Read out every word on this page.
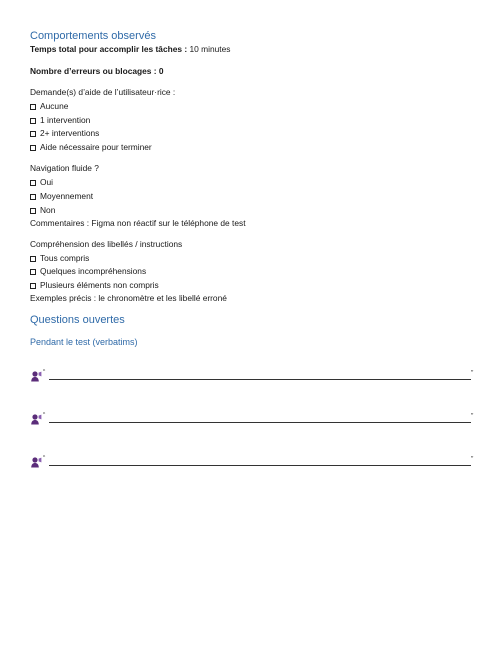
Comportements observés
Temps total pour accomplir les tâches : 10 minutes
Nombre d’erreurs ou blocages : 0
Demande(s) d’aide de l’utilisateur·rice :
Aucune
1 intervention
2+ interventions
Aide nécessaire pour terminer
Navigation fluide ?
Oui
Moyennement
Non
Commentaires : Figma non réactif sur le téléphone de test
Compréhension des libellés / instructions
Tous compris
Quelques incompréhensions
Plusieurs éléments non compris
Exemples précis : le chronomètre et les libellé erroné
Questions ouvertes
Pendant le test (verbatims)
“	”
“	”
“	”
